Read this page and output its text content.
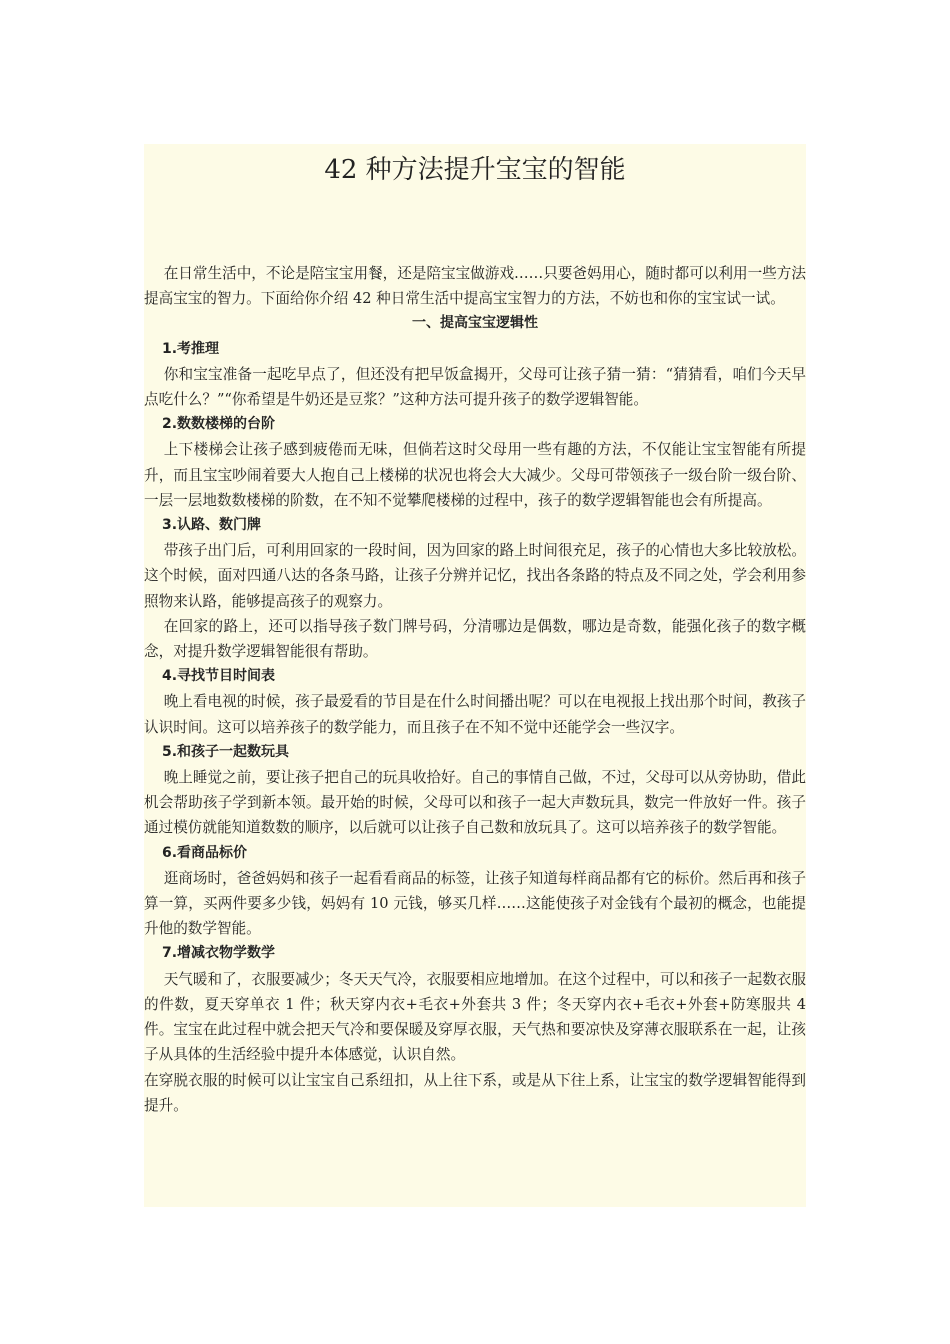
42 种方法提升宝宝的智能

在日常生活中，不论是陪宝宝用餐，还是陪宝宝做游戏……只要爸妈用心，随时都可以利用一些方法提高宝宝的智力。下面给你介绍 42 种日常生活中提高宝宝智力的方法，不妨也和你的宝宝试一试。

一、提高宝宝逻辑性

1.考推理

你和宝宝准备一起吃早点了，但还没有把早饭盒揭开，父母可让孩子猜一猜：“猜猜看，咱们今天早点吃什么？”“你希望是牛奶还是豆浆？”这种方法可提升孩子的数学逻辑智能。

2.数数楼梯的台阶

上下楼梯会让孩子感到疲倦而无味，但倘若这时父母用一些有趣的方法，不仅能让宝宝智能有所提升，而且宝宝吵闹着要大人抱自己上楼梯的状况也将会大大减少。父母可带领孩子一级台阶一级台阶、一层一层地数数楼梯的阶数，在不知不觉攀爬楼梯的过程中，孩子的数学逻辑智能也会有所提高。

3.认路、数门牌

带孩子出门后，可利用回家的一段时间，因为回家的路上时间很充足，孩子的心情也大多比较放松。这个时候，面对四通八达的各条马路，让孩子分辨并记忆，找出各条路的特点及不同之处，学会利用参照物来认路，能够提高孩子的观察力。

在回家的路上，还可以指导孩子数门牌号码，分清哪边是偶数，哪边是奇数，能强化孩子的数字概念，对提升数学逻辑智能很有帮助。

4.寻找节目时间表

晚上看电视的时候，孩子最爱看的节目是在什么时间播出呢？可以在电视报上找出那个时间，教孩子认识时间。这可以培养孩子的数学能力，而且孩子在不知不觉中还能学会一些汉字。

5.和孩子一起数玩具

晚上睡觉之前，要让孩子把自己的玩具收拾好。自己的事情自己做，不过，父母可以从旁协助，借此机会帮助孩子学到新本领。最开始的时候，父母可以和孩子一起大声数玩具，数完一件放好一件。孩子通过模仿就能知道数数的顺序，以后就可以让孩子自己数和放玩具了。这可以培养孩子的数学智能。

6.看商品标价

逛商场时，爸爸妈妈和孩子一起看看商品的标签，让孩子知道每样商品都有它的标价。然后再和孩子算一算，买两件要多少钱，妈妈有 10 元钱，够买几样……这能使孩子对金钱有个最初的概念，也能提升他的数学智能。

7.增减衣物学数学

天气暖和了，衣服要减少；冬天天气冷，衣服要相应地增加。在这个过程中，可以和孩子一起数衣服的件数，夏天穿单衣 1 件；秋天穿内衣+毛衣+外套共 3 件；冬天穿内衣+毛衣+外套+防寒服共 4 件。宝宝在此过程中就会把天气冷和要保暖及穿厚衣服，天气热和要凉快及穿薄衣服联系在一起，让孩子从具体的生活经验中提升本体感觉，认识自然。

在穿脱衣服的时候可以让宝宝自己系纽扣，从上往下系，或是从下往上系，让宝宝的数学逻辑智能得到提升。
